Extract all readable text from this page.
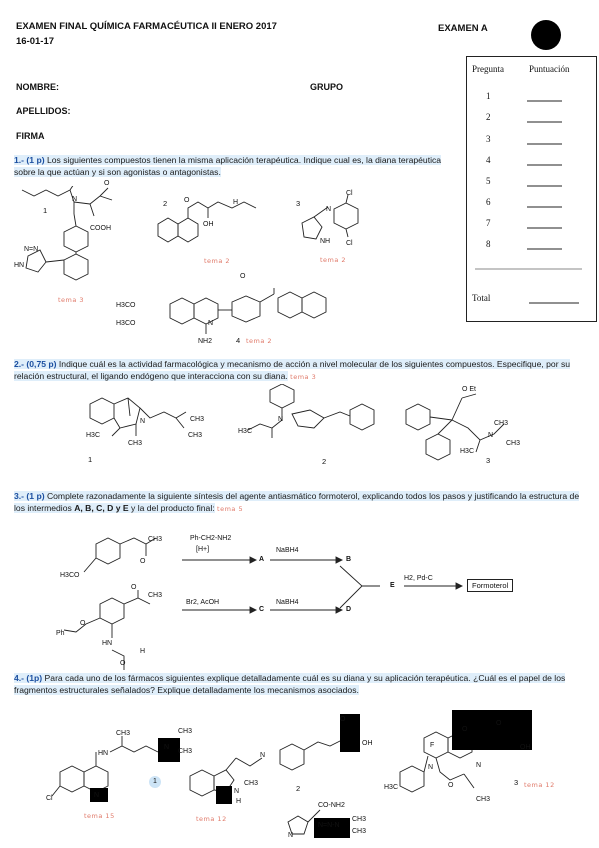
EXAMEN FINAL QUÍMICA FARMACÉUTICA II ENERO 2017
16-01-17
EXAMEN A
NOMBRE:	GRUPO
APELLIDOS:
FIRMA
Pregunta	Puntuación
1
2
3
4
5
6
7
8
Total
1.- (1 p) Los siguientes compuestos tienen la misma aplicación terapéutica. Indique cual es, la diana terapéutica sobre la que actúan y si son agonistas o antagonistas.
1
COOH
O
N
HN
N=N
tema 3
2 O
OH
H
tema 2
3
Cl
Cl
N
NH
tema 2
H3CO
H3CO
NH2
O
N
4 tema 2
2.- (0,75 p) Indique cuál es la actividad farmacológica y mecanismo de acción a nivel molecular de los siguientes compuestos. Especifique, por su relación estructural, el ligando endógeno que interacciona con su diana. tema 3
H3C
CH3
CH3
CH3
N
1
H3C
N
2
O Et
CH3
N
CH3
H3C
3
3.- (1 p) Complete razonadamente la siguiente síntesis del agente antiasmático formoterol, explicando todos los pasos y justificando la estructura de los intermedios A, B, C, D y E y la del producto final: tema 5
CH3
O
H3CO
CH3
O
Ph
O
HN
H
O
Ph-CH2-NH2
[H+]	NaBH4
Br2, AcOH	NaBH4
H2, Pd-C
A	B
C	D
E	Formoterol
4.- (1p) Para cada uno de los fármacos siguientes explique detalladamente cuál es su diana y su aplicación terapéutica. ¿Cuál es el papel de los fragmentos estructurales señalados? Explique detalladamente los mecanismos asociados.
CH3
HN
N
CH3
CH3
Cl	N
tema 15
1
N
O
OH
H
N
CH3
2
tema 12
CO-NH2
N=N-N
CH3
CH3
N
F
O
O
OH
H3C
N	N
O
CH3
3 tema 12
